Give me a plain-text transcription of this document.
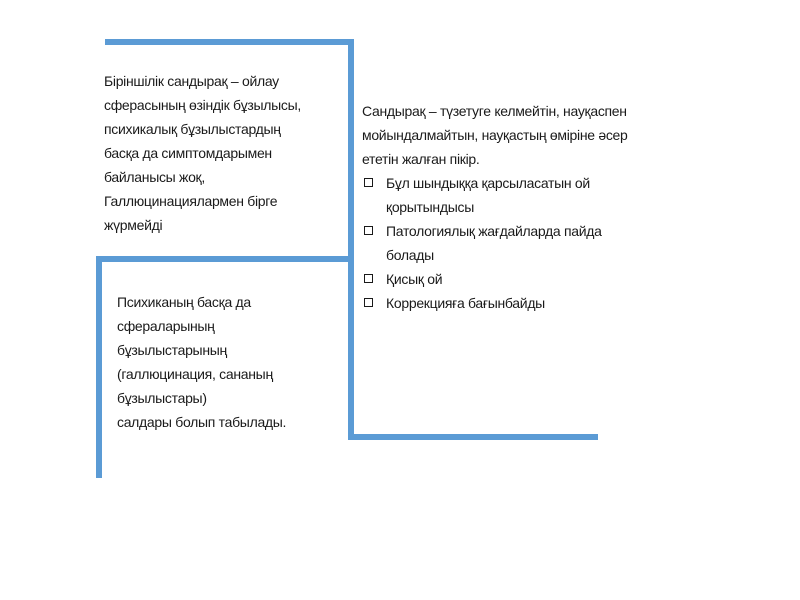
Біріншілік сандырақ – ойлау
сферасының өзіндік бұзылысы,
психикалық бұзылыстардың
басқа да симптомдарымен
байланысы жоқ,
Галлюцинациялармен бірге
жүрмейді
Психиканың басқа да
сфераларының
бұзылыстарының
(галлюцинация, сананың
бұзылыстары)
салдары болып табылады.
Сандырақ – түзетуге келмейтін, науқаспен
мойындалмайтын, науқастың өміріне әсер
ететін жалған пікір.
Бұл шындыққа қарсыласатын ой
қорытындысы
Патологиялық жағдайларда пайда
болады
Қисық ой
Коррекцияға бағынбайды
